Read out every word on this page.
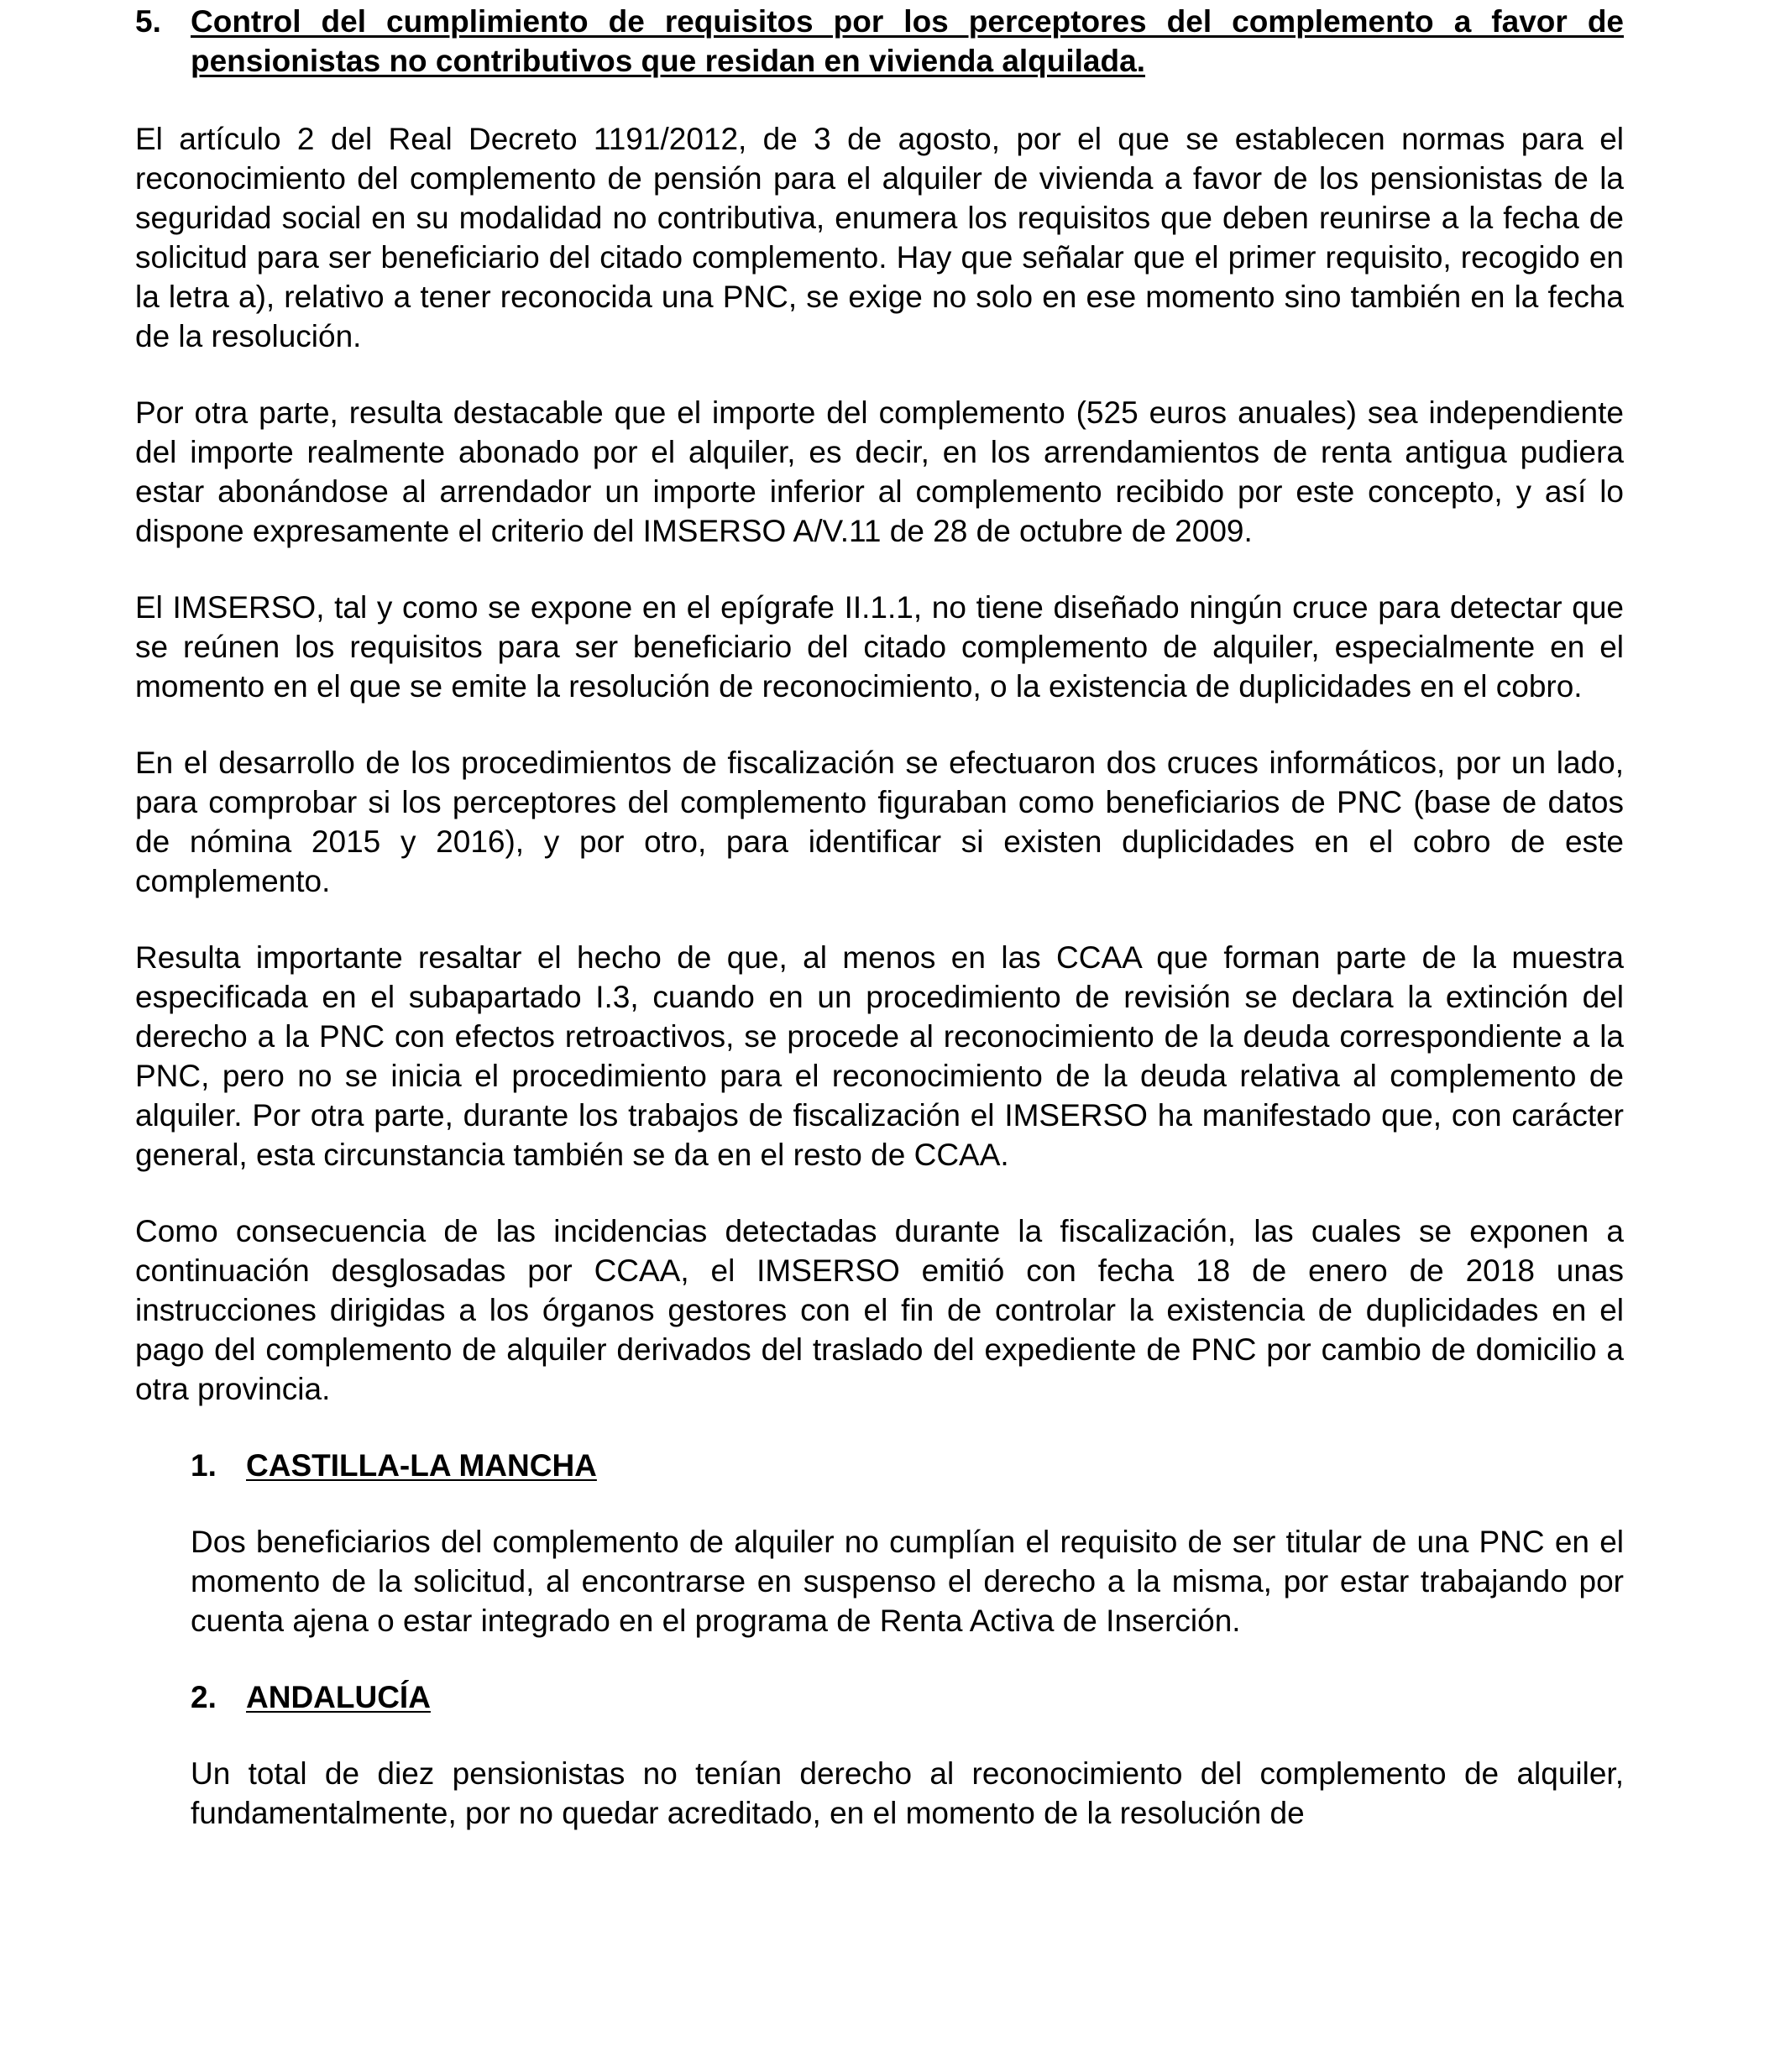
5. Control del cumplimiento de requisitos por los perceptores del complemento a favor de pensionistas no contributivos que residan en vivienda alquilada.

El artículo 2 del Real Decreto 1191/2012, de 3 de agosto, por el que se establecen normas para el reconocimiento del complemento de pensión para el alquiler de vivienda a favor de los pensionistas de la seguridad social en su modalidad no contributiva, enumera los requisitos que deben reunirse a la fecha de solicitud para ser beneficiario del citado complemento. Hay que señalar que el primer requisito, recogido en la letra a), relativo a tener reconocida una PNC, se exige no solo en ese momento sino también en la fecha de la resolución.

Por otra parte, resulta destacable que el importe del complemento (525 euros anuales) sea independiente del importe realmente abonado por el alquiler, es decir, en los arrendamientos de renta antigua pudiera estar abonándose al arrendador un importe inferior al complemento recibido por este concepto, y así lo dispone expresamente el criterio del IMSERSO A/V.11 de 28 de octubre de 2009.

El IMSERSO, tal y como se expone en el epígrafe II.1.1, no tiene diseñado ningún cruce para detectar que se reúnen los requisitos para ser beneficiario del citado complemento de alquiler, especialmente en el momento en el que se emite la resolución de reconocimiento, o la existencia de duplicidades en el cobro.

En el desarrollo de los procedimientos de fiscalización se efectuaron dos cruces informáticos, por un lado, para comprobar si los perceptores del complemento figuraban como beneficiarios de PNC (base de datos de nómina 2015 y 2016), y por otro, para identificar si existen duplicidades en el cobro de este complemento.

Resulta importante resaltar el hecho de que, al menos en las CCAA que forman parte de la muestra especificada en el subapartado I.3, cuando en un procedimiento de revisión se declara la extinción del derecho a la PNC con efectos retroactivos, se procede al reconocimiento de la deuda correspondiente a la PNC, pero no se inicia el procedimiento para el reconocimiento de la deuda relativa al complemento de alquiler. Por otra parte, durante los trabajos de fiscalización el IMSERSO ha manifestado que, con carácter general, esta circunstancia también se da en el resto de CCAA.

Como consecuencia de las incidencias detectadas durante la fiscalización, las cuales se exponen a continuación desglosadas por CCAA, el IMSERSO emitió con fecha 18 de enero de 2018 unas instrucciones dirigidas a los órganos gestores con el fin de controlar la existencia de duplicidades en el pago del complemento de alquiler derivados del traslado del expediente de PNC por cambio de domicilio a otra provincia.

1. CASTILLA-LA MANCHA

Dos beneficiarios del complemento de alquiler no cumplían el requisito de ser titular de una PNC en el momento de la solicitud, al encontrarse en suspenso el derecho a la misma, por estar trabajando por cuenta ajena o estar integrado en el programa de Renta Activa de Inserción.

2. ANDALUCÍA

Un total de diez pensionistas no tenían derecho al reconocimiento del complemento de alquiler, fundamentalmente, por no quedar acreditado, en el momento de la resolución de
